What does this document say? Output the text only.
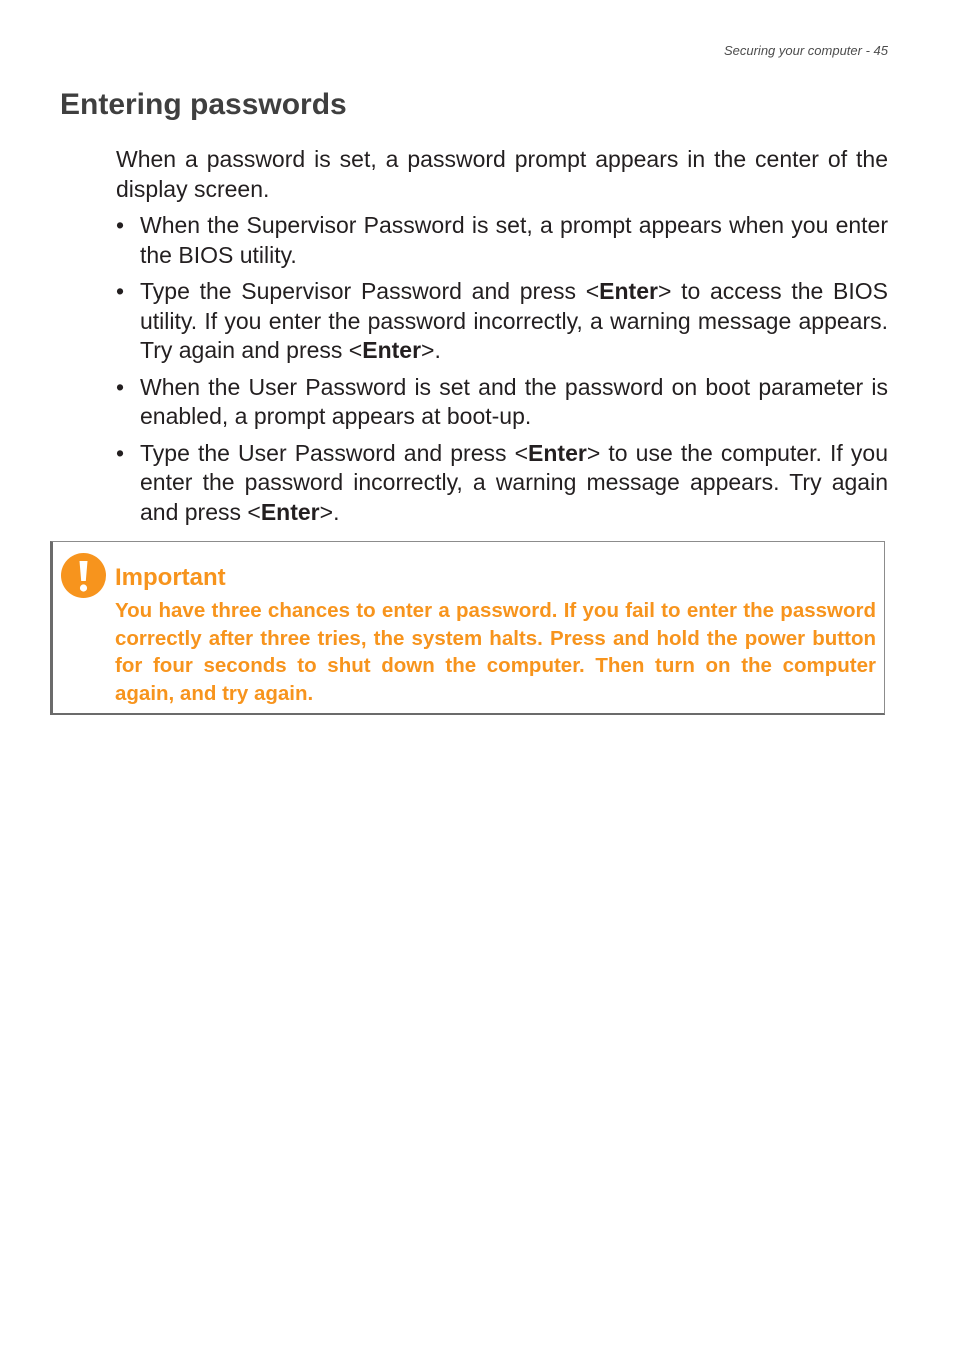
Securing your computer - 45
Entering passwords

When a password is set, a password prompt appears in the center of the display screen.

• When the Supervisor Password is set, a prompt appears when you enter the BIOS utility.
• Type the Supervisor Password and press <Enter> to access the BIOS utility. If you enter the password incorrectly, a warning message appears. Try again and press <Enter>.
• When the User Password is set and the password on boot parameter is enabled, a prompt appears at boot-up.
• Type the User Password and press <Enter> to use the computer. If you enter the password incorrectly, a warning message appears. Try again and press <Enter>.
Important

You have three chances to enter a password. If you fail to enter the password correctly after three tries, the system halts. Press and hold the power button for four seconds to shut down the computer. Then turn on the computer again, and try again.
